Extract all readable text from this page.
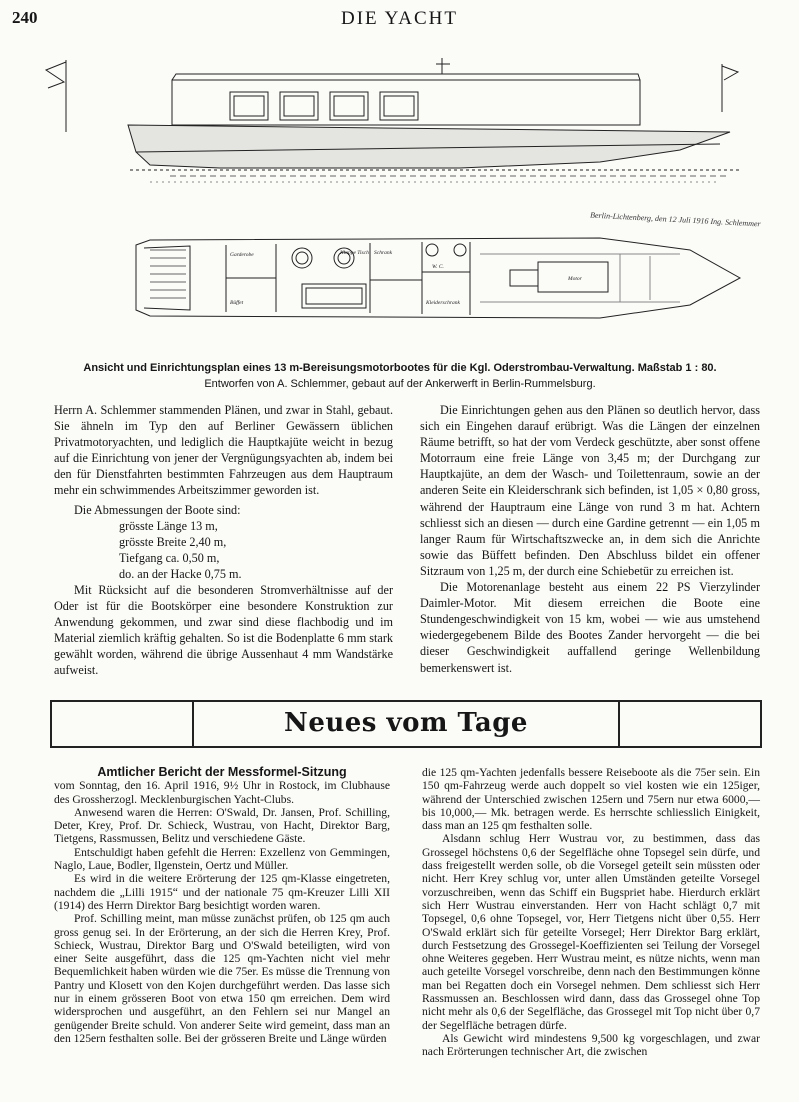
240	DIE YACHT
Garderobe	Klappe Tisch Schrank
W. C.
Motor
Büffet	Kleiderschrank
Berlin-Lichtenberg, den 12 Juli 1916 Ing. Schlemmer
Ansicht und Einrichtungsplan eines 13 m-Bereisungsmotorbootes für die Kgl. Oderstrombau-Verwaltung. Maßstab 1 : 80.
Entworfen von A. Schlemmer, gebaut auf der Ankerwerft in Berlin-Rummelsburg.

Herrn A. Schlemmer stammenden Plänen, und zwar in Stahl, gebaut. Sie ähneln im Typ den auf Berliner Gewässern üblichen Privatmotoryachten, und lediglich die Hauptkajüte weicht in bezug auf die Einrichtung von jener der Vergnügungsyachten ab, indem bei den für Dienstfahrten bestimmten Fahrzeugen aus dem Hauptraum mehr ein schwimmendes Arbeitszimmer geworden ist.

Die Abmessungen der Boote sind:

grösste Länge 13 m,
grösste Breite 2,40 m,
Tiefgang ca. 0,50 m,
do. an der Hacke 0,75 m.

Mit Rücksicht auf die besonderen Stromverhältnisse auf der Oder ist für die Bootskörper eine besondere Konstruktion zur Anwendung gekommen, und zwar sind diese flachbodig und im Material ziemlich kräftig gehalten. So ist die Bodenplatte 6 mm stark gewählt worden, während die übrige Aussenhaut 4 mm Wandstärke aufweist.

Die Einrichtungen gehen aus den Plänen so deutlich hervor, dass sich ein Eingehen darauf erübrigt. Was die Längen der einzelnen Räume betrifft, so hat der vom Verdeck geschützte, aber sonst offene Motorraum eine freie Länge von 3,45 m; der Durchgang zur Hauptkajüte, an dem der Wasch- und Toilettenraum, sowie an der anderen Seite ein Kleiderschrank sich befinden, ist 1,05 × 0,80 gross, während der Hauptraum eine Länge von rund 3 m hat. Achtern schliesst sich an diesen — durch eine Gardine getrennt — ein 1,05 m langer Raum für Wirtschaftszwecke an, in dem sich die Anrichte sowie das Büffett befinden. Den Abschluss bildet ein offener Sitzraum von 1,25 m, der durch eine Schiebetür zu erreichen ist.

Die Motorenanlage besteht aus einem 22 PS Vierzylinder Daimler-Motor. Mit diesem erreichen die Boote eine Stundengeschwindigkeit von 15 km, wobei — wie aus umstehend wiedergegebenem Bilde des Bootes Zander hervorgeht — die bei dieser Geschwindigkeit auffallend geringe Wellenbildung bemerkenswert ist.

Neues vom Tage

Amtlicher Bericht der Messformel-Sitzung

vom Sonntag, den 16. April 1916, 9½ Uhr in Rostock, im Clubhause des Grossherzogl. Mecklenburgischen Yacht-Clubs.

Anwesend waren die Herren: O'Swald, Dr. Jansen, Prof. Schilling, Deter, Krey, Prof. Dr. Schieck, Wustrau, von Hacht, Direktor Barg, Tietgens, Rassmussen, Belitz und verschiedene Gäste.

Entschuldigt haben gefehlt die Herren: Exzellenz von Gemmingen, Naglo, Laue, Bodler, Ilgenstein, Oertz und Müller.

Es wird in die weitere Erörterung der 125 qm-Klasse eingetreten, nachdem die „Lilli 1915“ und der nationale 75 qm-Kreuzer Lilli XII (1914) des Herrn Direktor Barg besichtigt worden waren.

Prof. Schilling meint, man müsse zunächst prüfen, ob 125 qm auch gross genug sei. In der Erörterung, an der sich die Herren Krey, Prof. Schieck, Wustrau, Direktor Barg und O'Swald beteiligten, wird von einer Seite ausgeführt, dass die 125 qm-Yachten nicht viel mehr Bequemlichkeit haben würden wie die 75er. Es müsse die Trennung von Pantry und Klosett von den Kojen durchgeführt werden. Das lasse sich nur in einem grösseren Boot von etwa 150 qm erreichen. Dem wird widersprochen und ausgeführt, an den Fehlern sei nur Mangel an genügender Breite schuld. Von anderer Seite wird gemeint, dass man an den 125ern festhalten solle. Bei der grösseren Breite und Länge würden

die 125 qm-Yachten jedenfalls bessere Reiseboote als die 75er sein. Ein 150 qm-Fahrzeug werde auch doppelt so viel kosten wie ein 125iger, während der Unterschied zwischen 125ern und 75ern nur etwa 6000,— bis 10,000,— Mk. betragen werde. Es herrschte schliesslich Einigkeit, dass man an 125 qm festhalten solle.

Alsdann schlug Herr Wustrau vor, zu bestimmen, dass das Grossegel höchstens 0,6 der Segelfläche ohne Topsegel sein dürfe, und dass freigestellt werden solle, ob die Vorsegel geteilt sein müssten oder nicht. Herr Krey schlug vor, unter allen Umständen geteilte Vorsegel vorzuschreiben, wenn das Schiff ein Bugspriet habe. Hierdurch erklärt sich Herr Wustrau einverstanden. Herr von Hacht schlägt 0,7 mit Topsegel, 0,6 ohne Topsegel, vor, Herr Tietgens nicht über 0,55. Herr O'Swald erklärt sich für geteilte Vorsegel; Herr Direktor Barg erklärt, durch Festsetzung des Grossegel-Koeffizienten sei Teilung der Vorsegel ohne Weiteres gegeben. Herr Wustrau meint, es nütze nichts, wenn man auch geteilte Vorsegel vorschreibe, denn nach den Bestimmungen könne man bei Regatten doch ein Vorsegel nehmen. Dem schliesst sich Herr Rassmussen an. Beschlossen wird dann, dass das Grossegel ohne Top nicht mehr als 0,6 der Segelfläche, das Grossegel mit Top nicht über 0,7 der Segelfläche betragen dürfe.

Als Gewicht wird mindestens 9,500 kg vorgeschlagen, und zwar nach Erörterungen technischer Art, die zwischen
